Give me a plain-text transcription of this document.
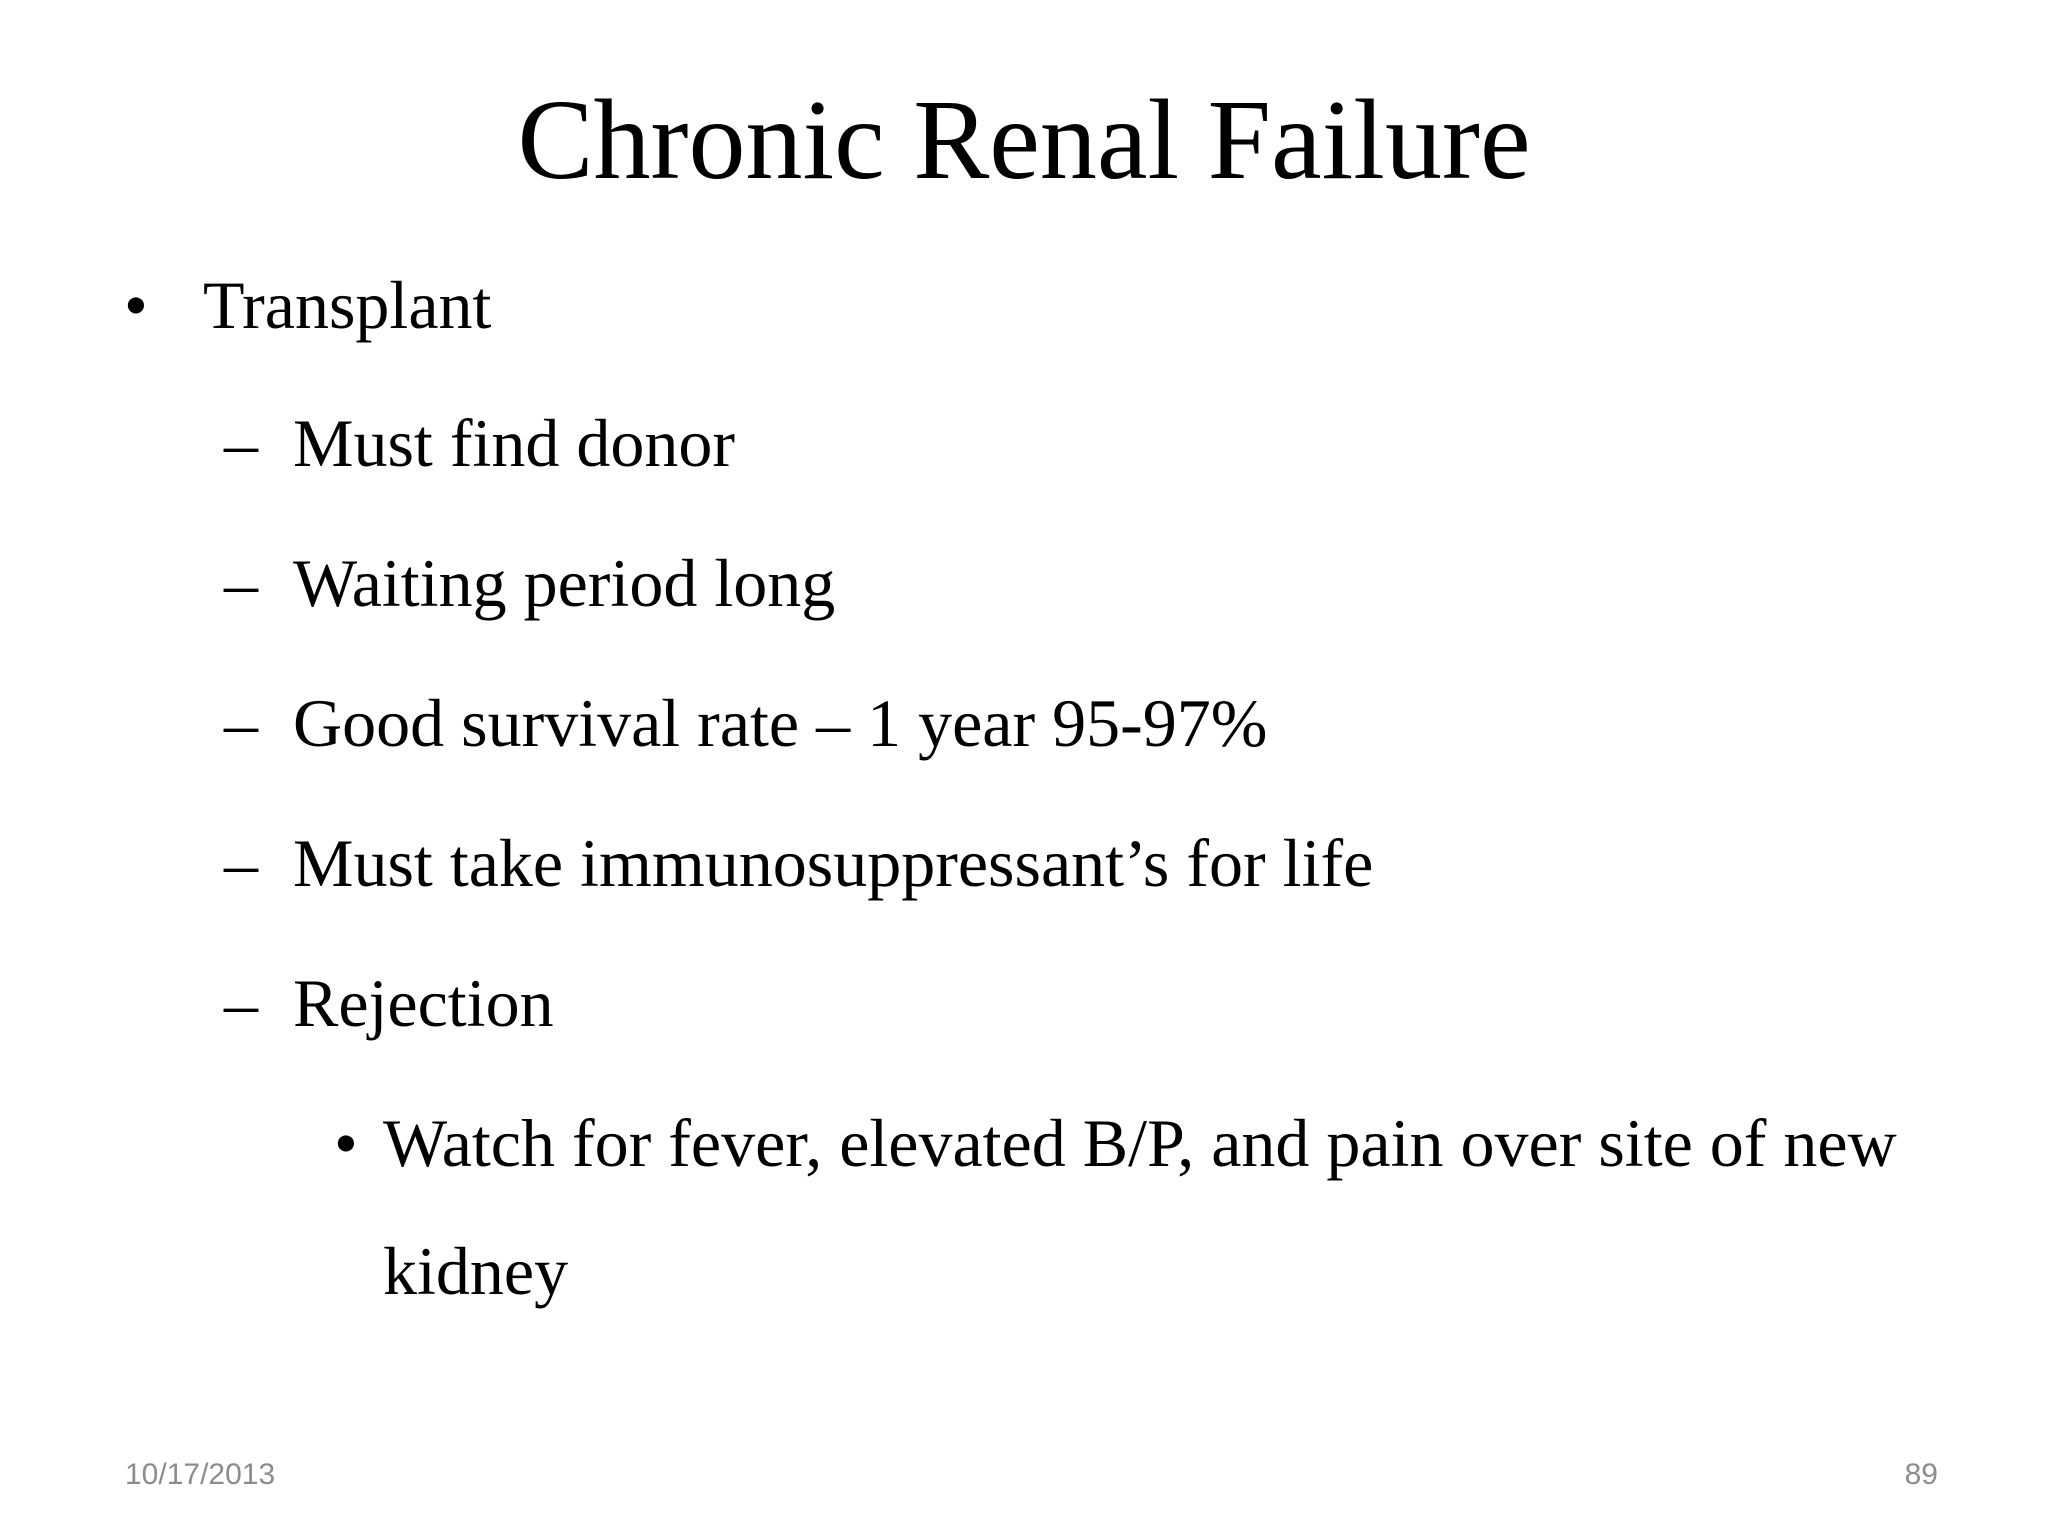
Chronic Renal Failure
• Transplant
– Must find donor
– Waiting period long
– Good survival rate – 1 year 95-97%
– Must take immunosuppressant’s for life
– Rejection
• Watch for fever, elevated B/P, and pain over site of new
kidney
10/17/2013	89
